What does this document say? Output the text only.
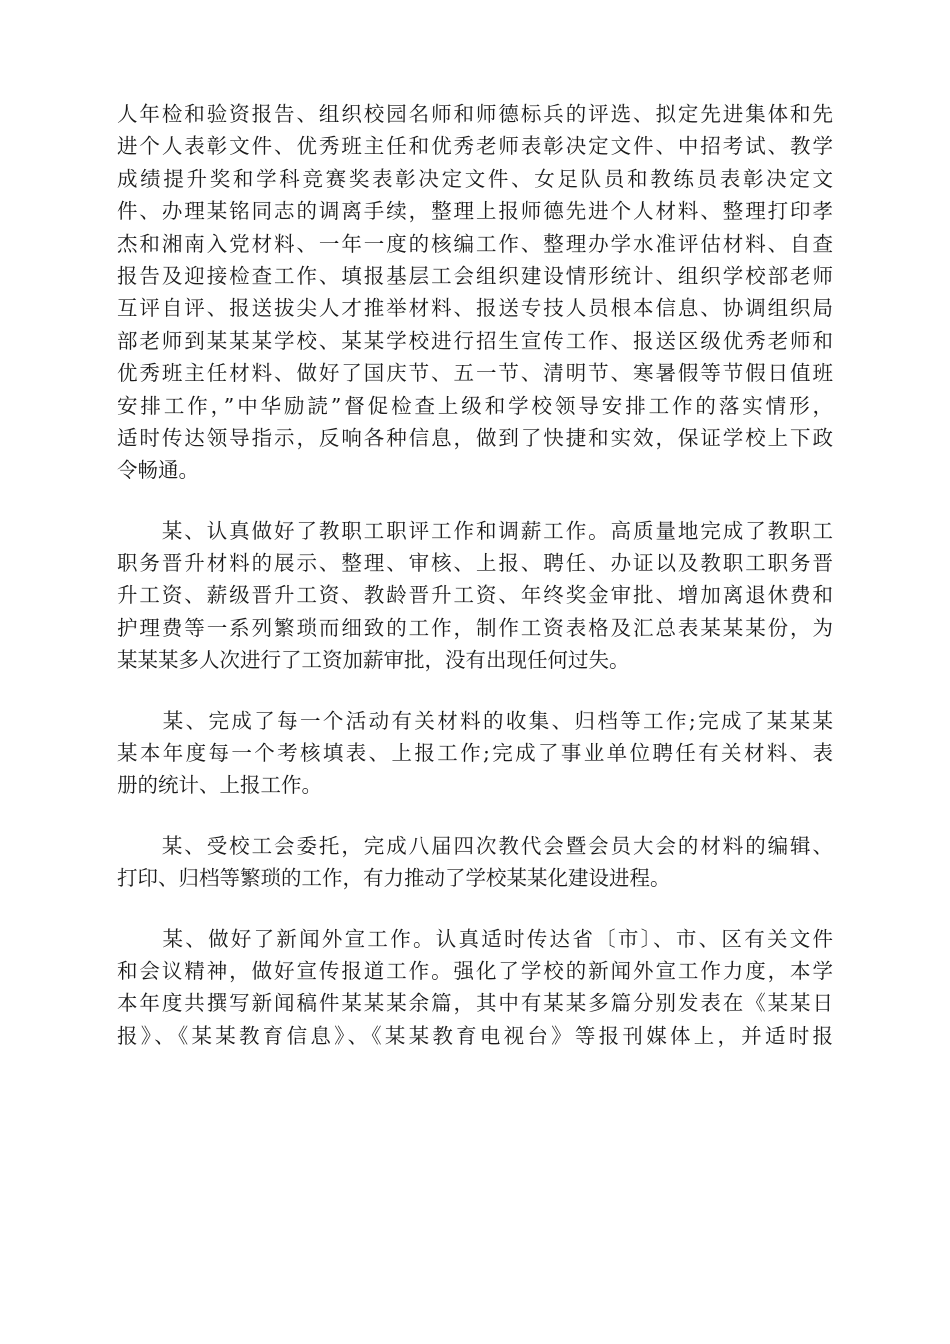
人年检和验资报告、组织校园名师和师德标兵的评选、拟定先进集体和先
进个人表彰文件、优秀班主任和优秀老师表彰决定文件、中招考试、教学
成绩提升奖和学科竞赛奖表彰决定文件、女足队员和教练员表彰决定文
件、办理某铭同志的调离手续，整理上报师德先进个人材料、整理打印孝
杰和湘南入党材料、一年一度的核编工作、整理办学水准评估材料、自查
报告及迎接检查工作、填报基层工会组织建设情形统计、组织学校部老师
互评自评、报送拔尖人才推举材料、报送专技人员根本信息、协调组织局
部老师到某某某学校、某某学校进行招生宣传工作、报送区级优秀老师和
优秀班主任材料、做好了国庆节、五一节、清明节、寒暑假等节假日值班
安排工作，”中华励読”督促检查上级和学校领导安排工作的落实情形，
适时传达领导指示，反响各种信息，做到了快捷和实效，保证学校上下政
令畅通。
　　某、认真做好了教职工职评工作和调薪工作。高质量地完成了教职工
职务晋升材料的展示、整理、审核、上报、聘任、办证以及教职工职务晋
升工资、薪级晋升工资、教龄晋升工资、年终奖金审批、增加离退休费和
护理费等一系列繁琐而细致的工作，制作工资表格及汇总表某某某份，为
某某某多人次进行了工资加薪审批，没有出现任何过失。
　　某、完成了每一个活动有关材料的收集、归档等工作;完成了某某某
某本年度每一个考核填表、上报工作;完成了事业单位聘任有关材料、表
册的统计、上报工作。
　　某、受校工会委托，完成八届四次教代会暨会员大会的材料的编辑、
打印、归档等繁琐的工作，有力推动了学校某某化建设进程。
　　某、做好了新闻外宣工作。认真适时传达省〔市〕、市、区有关文件
和会议精神，做好宣传报道工作。强化了学校的新闻外宣工作力度，本学
本年度共撰写新闻稿件某某某余篇，其中有某某多篇分别发表在《某某日
报》、《某某教育信息》、《某某教育电视台》等报刊媒体上，并适时报
